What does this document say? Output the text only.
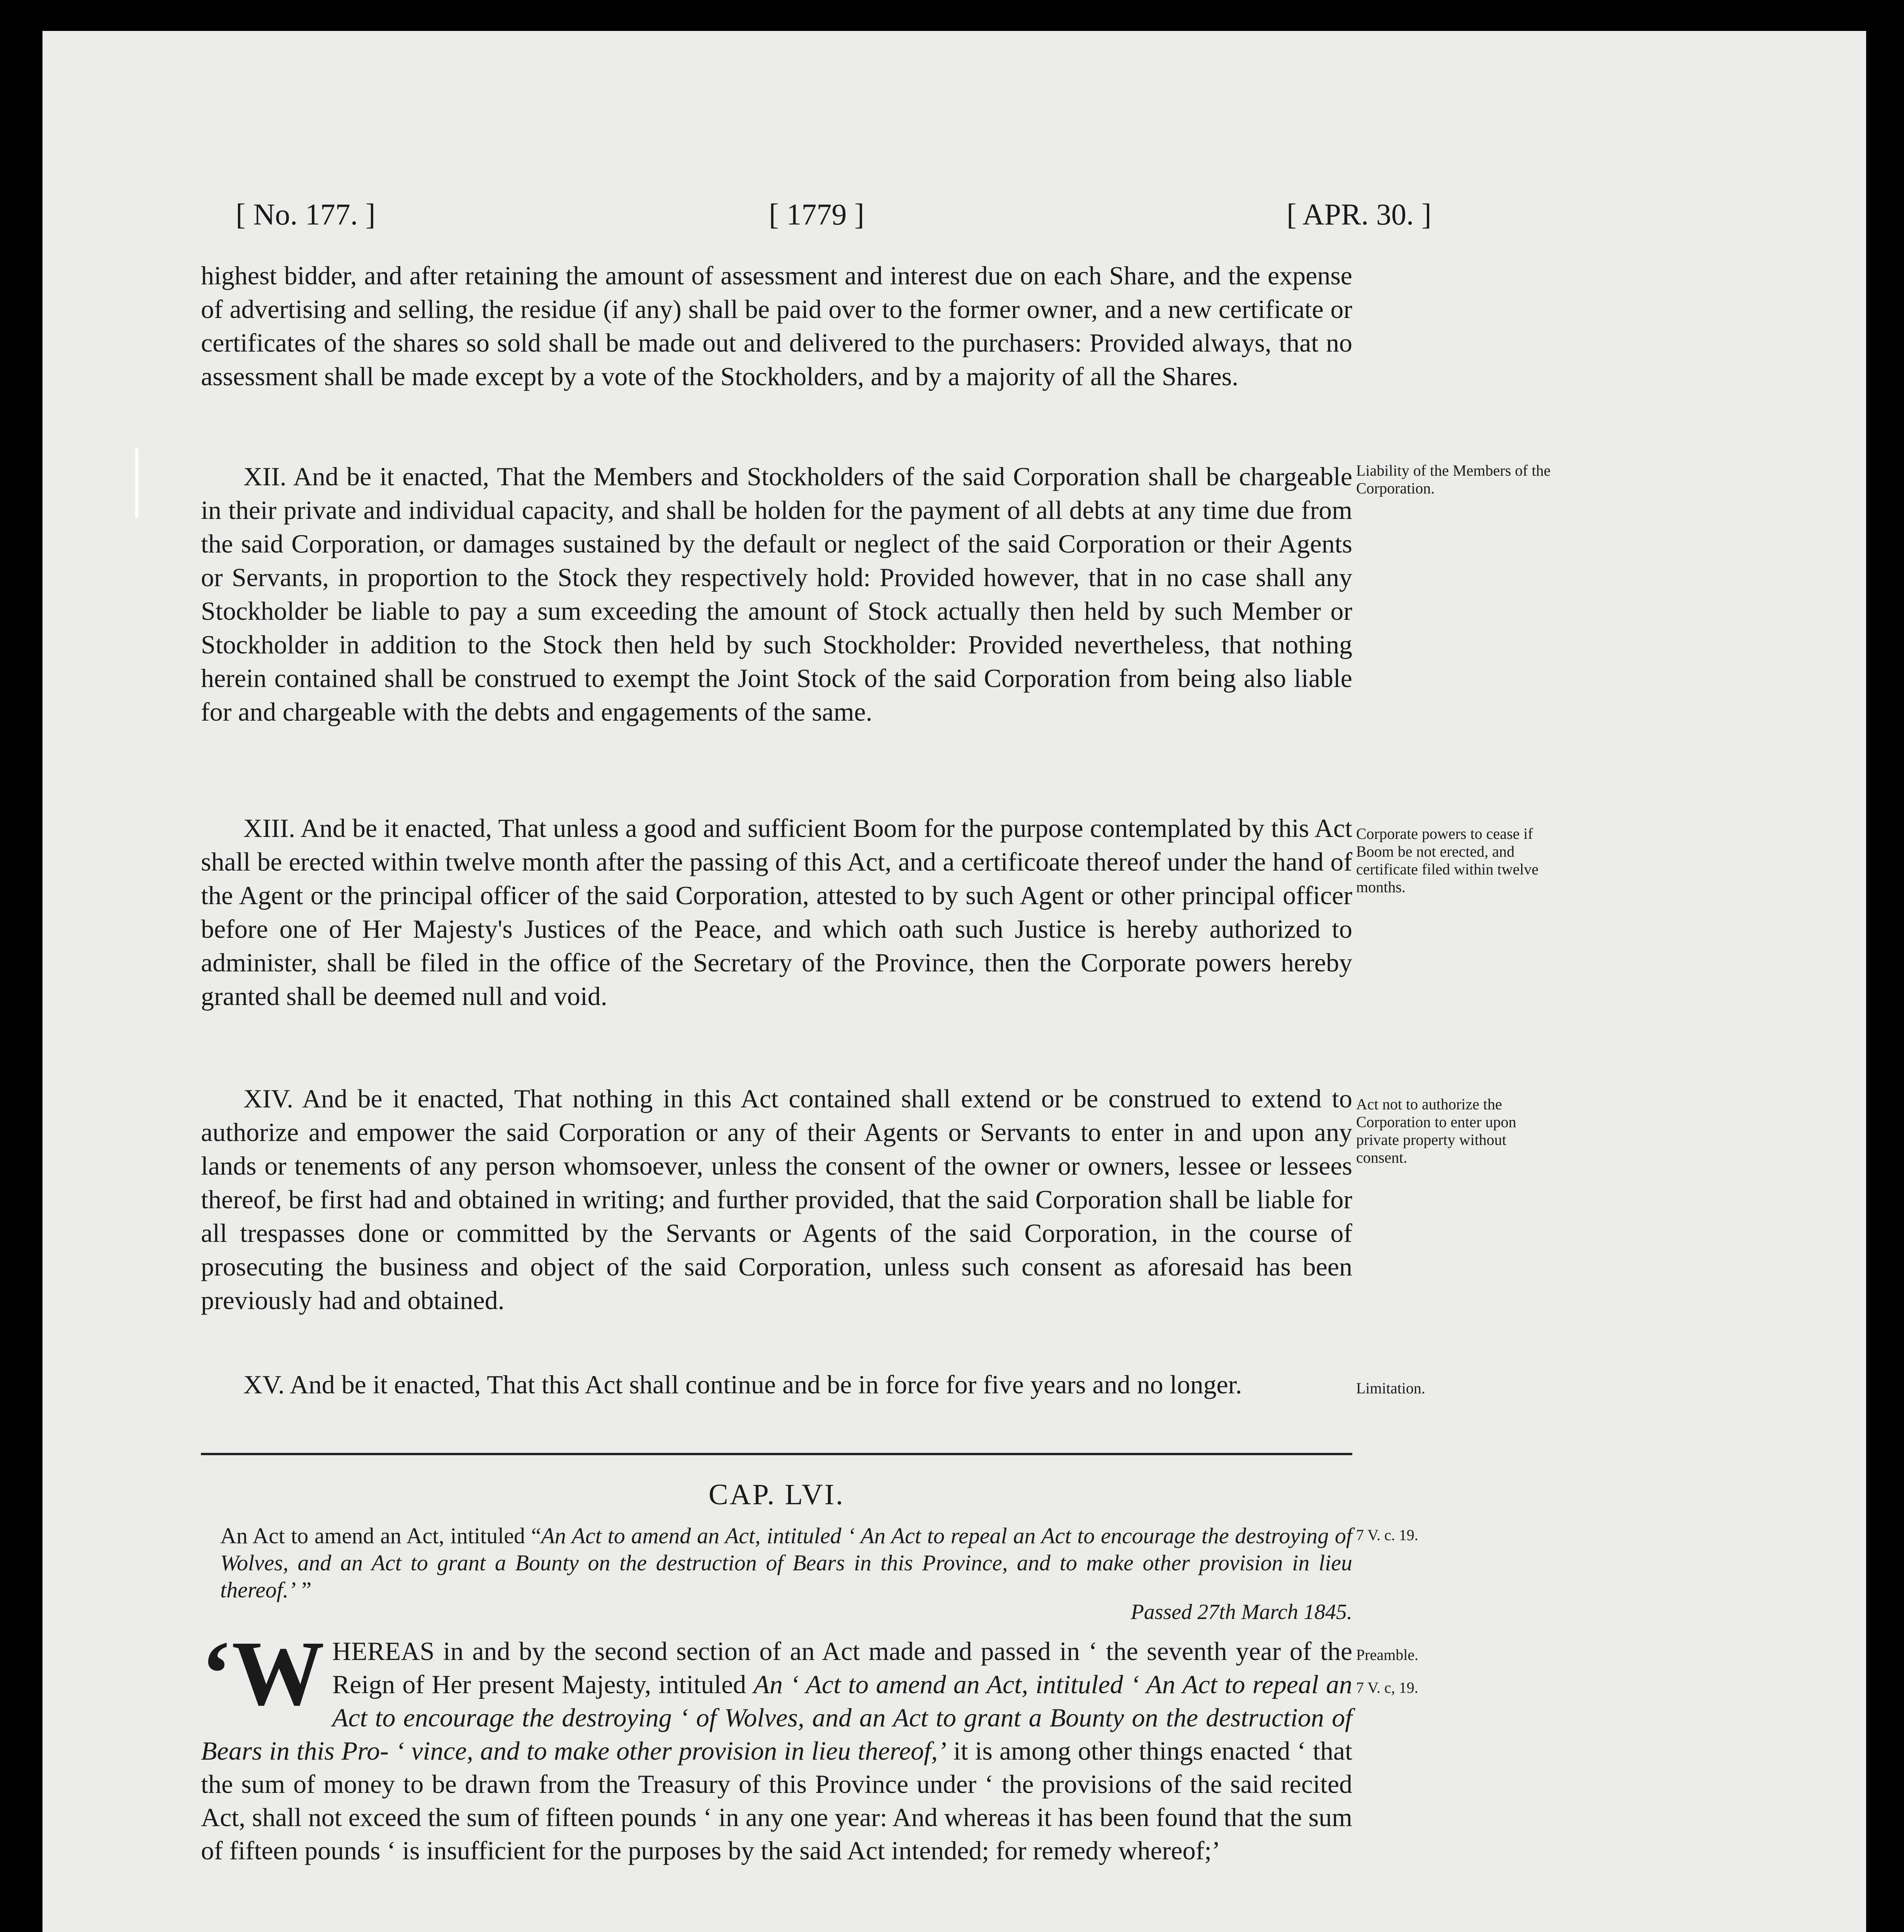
[ No. 177. ]	[ 1779 ]	[ APR. 30. ]

highest bidder, and after retaining the amount of assessment and interest due on each Share, and the expense of advertising and selling, the residue (if any) shall be paid over to the former owner, and a new certificate or certificates of the shares so sold shall be made out and delivered to the purchasers: Provided always, that no assessment shall be made except by a vote of the Stockholders, and by a majority of all the Shares.

XII. And be it enacted, That the Members and Stockholders of the said Corporation shall be chargeable in their private and individual capacity, and shall be holden for the payment of all debts at any time due from the said Corporation, or damages sustained by the default or neglect of the said Corporation or their Agents or Servants, in proportion to the Stock they respectively hold: Provided however, that in no case shall any Stockholder be liable to pay a sum exceeding the amount of Stock actually then held by such Member or Stockholder in addition to the Stock then held by such Stockholder: Provided nevertheless, that nothing herein contained shall be construed to exempt the Joint Stock of the said Corporation from being also liable for and chargeable with the debts and engagements of the same.

Liability of the Members of the Corporation.

XIII. And be it enacted, That unless a good and sufficient Boom for the purpose contemplated by this Act shall be erected within twelve month after the passing of this Act, and a certificoate thereof under the hand of the Agent or the principal officer of the said Corporation, attested to by such Agent or other principal officer before one of Her Majesty's Justices of the Peace, and which oath such Justice is hereby authorized to administer, shall be filed in the office of the Secretary of the Province, then the Corporate powers hereby granted shall be deemed null and void.

Corporate powers to cease if Boom be not erected, and certificate filed within twelve months.

XIV. And be it enacted, That nothing in this Act contained shall extend or be construed to extend to authorize and empower the said Corporation or any of their Agents or Servants to enter in and upon any lands or tenements of any person whomsoever, unless the consent of the owner or owners, lessee or lessees thereof, be first had and obtained in writing; and further provided, that the said Corporation shall be liable for all trespasses done or committed by the Servants or Agents of the said Corporation, in the course of prosecuting the business and object of the said Corporation, unless such consent as aforesaid has been previously had and obtained.

Act not to authorize the Corporation to enter upon private property without consent.

XV. And be it enacted, That this Act shall continue and be in force for five years and no longer.	Limitation.
CAP. LVI.
An Act to amend an Act, intituled “An Act to amend an Act, intituled ‘ An Act to repeal an Act to encourage the destroying of Wolves, and an Act to grant a Bounty on the destruction of Bears in this Province, and to make other provision in lieu thereof.’ ”
7 V. c. 19.
Passed 27th March 1845.
‘W HEREAS in and by the second section of an Act made and passed in ‘ the seventh year of the Reign of Her present Majesty, intituled An ‘ Act to amend an Act, intituled ‘ An Act to repeal an Act to encourage the destroying ‘ of Wolves, and an Act to grant a Bounty on the destruction of Bears in this Pro- ‘ vince, and to make other provision in lieu thereof,’ it is among other things enacted ‘ that the sum of money to be drawn from the Treasury of this Province under ‘ the provisions of the said recited Act, shall not exceed the sum of fifteen pounds ‘ in any one year: And whereas it has been found that the sum of fifteen pounds ‘ is insufficient for the purposes by the said Act intended; for remedy whereof;’
Preamble.
7 V. c, 19.
